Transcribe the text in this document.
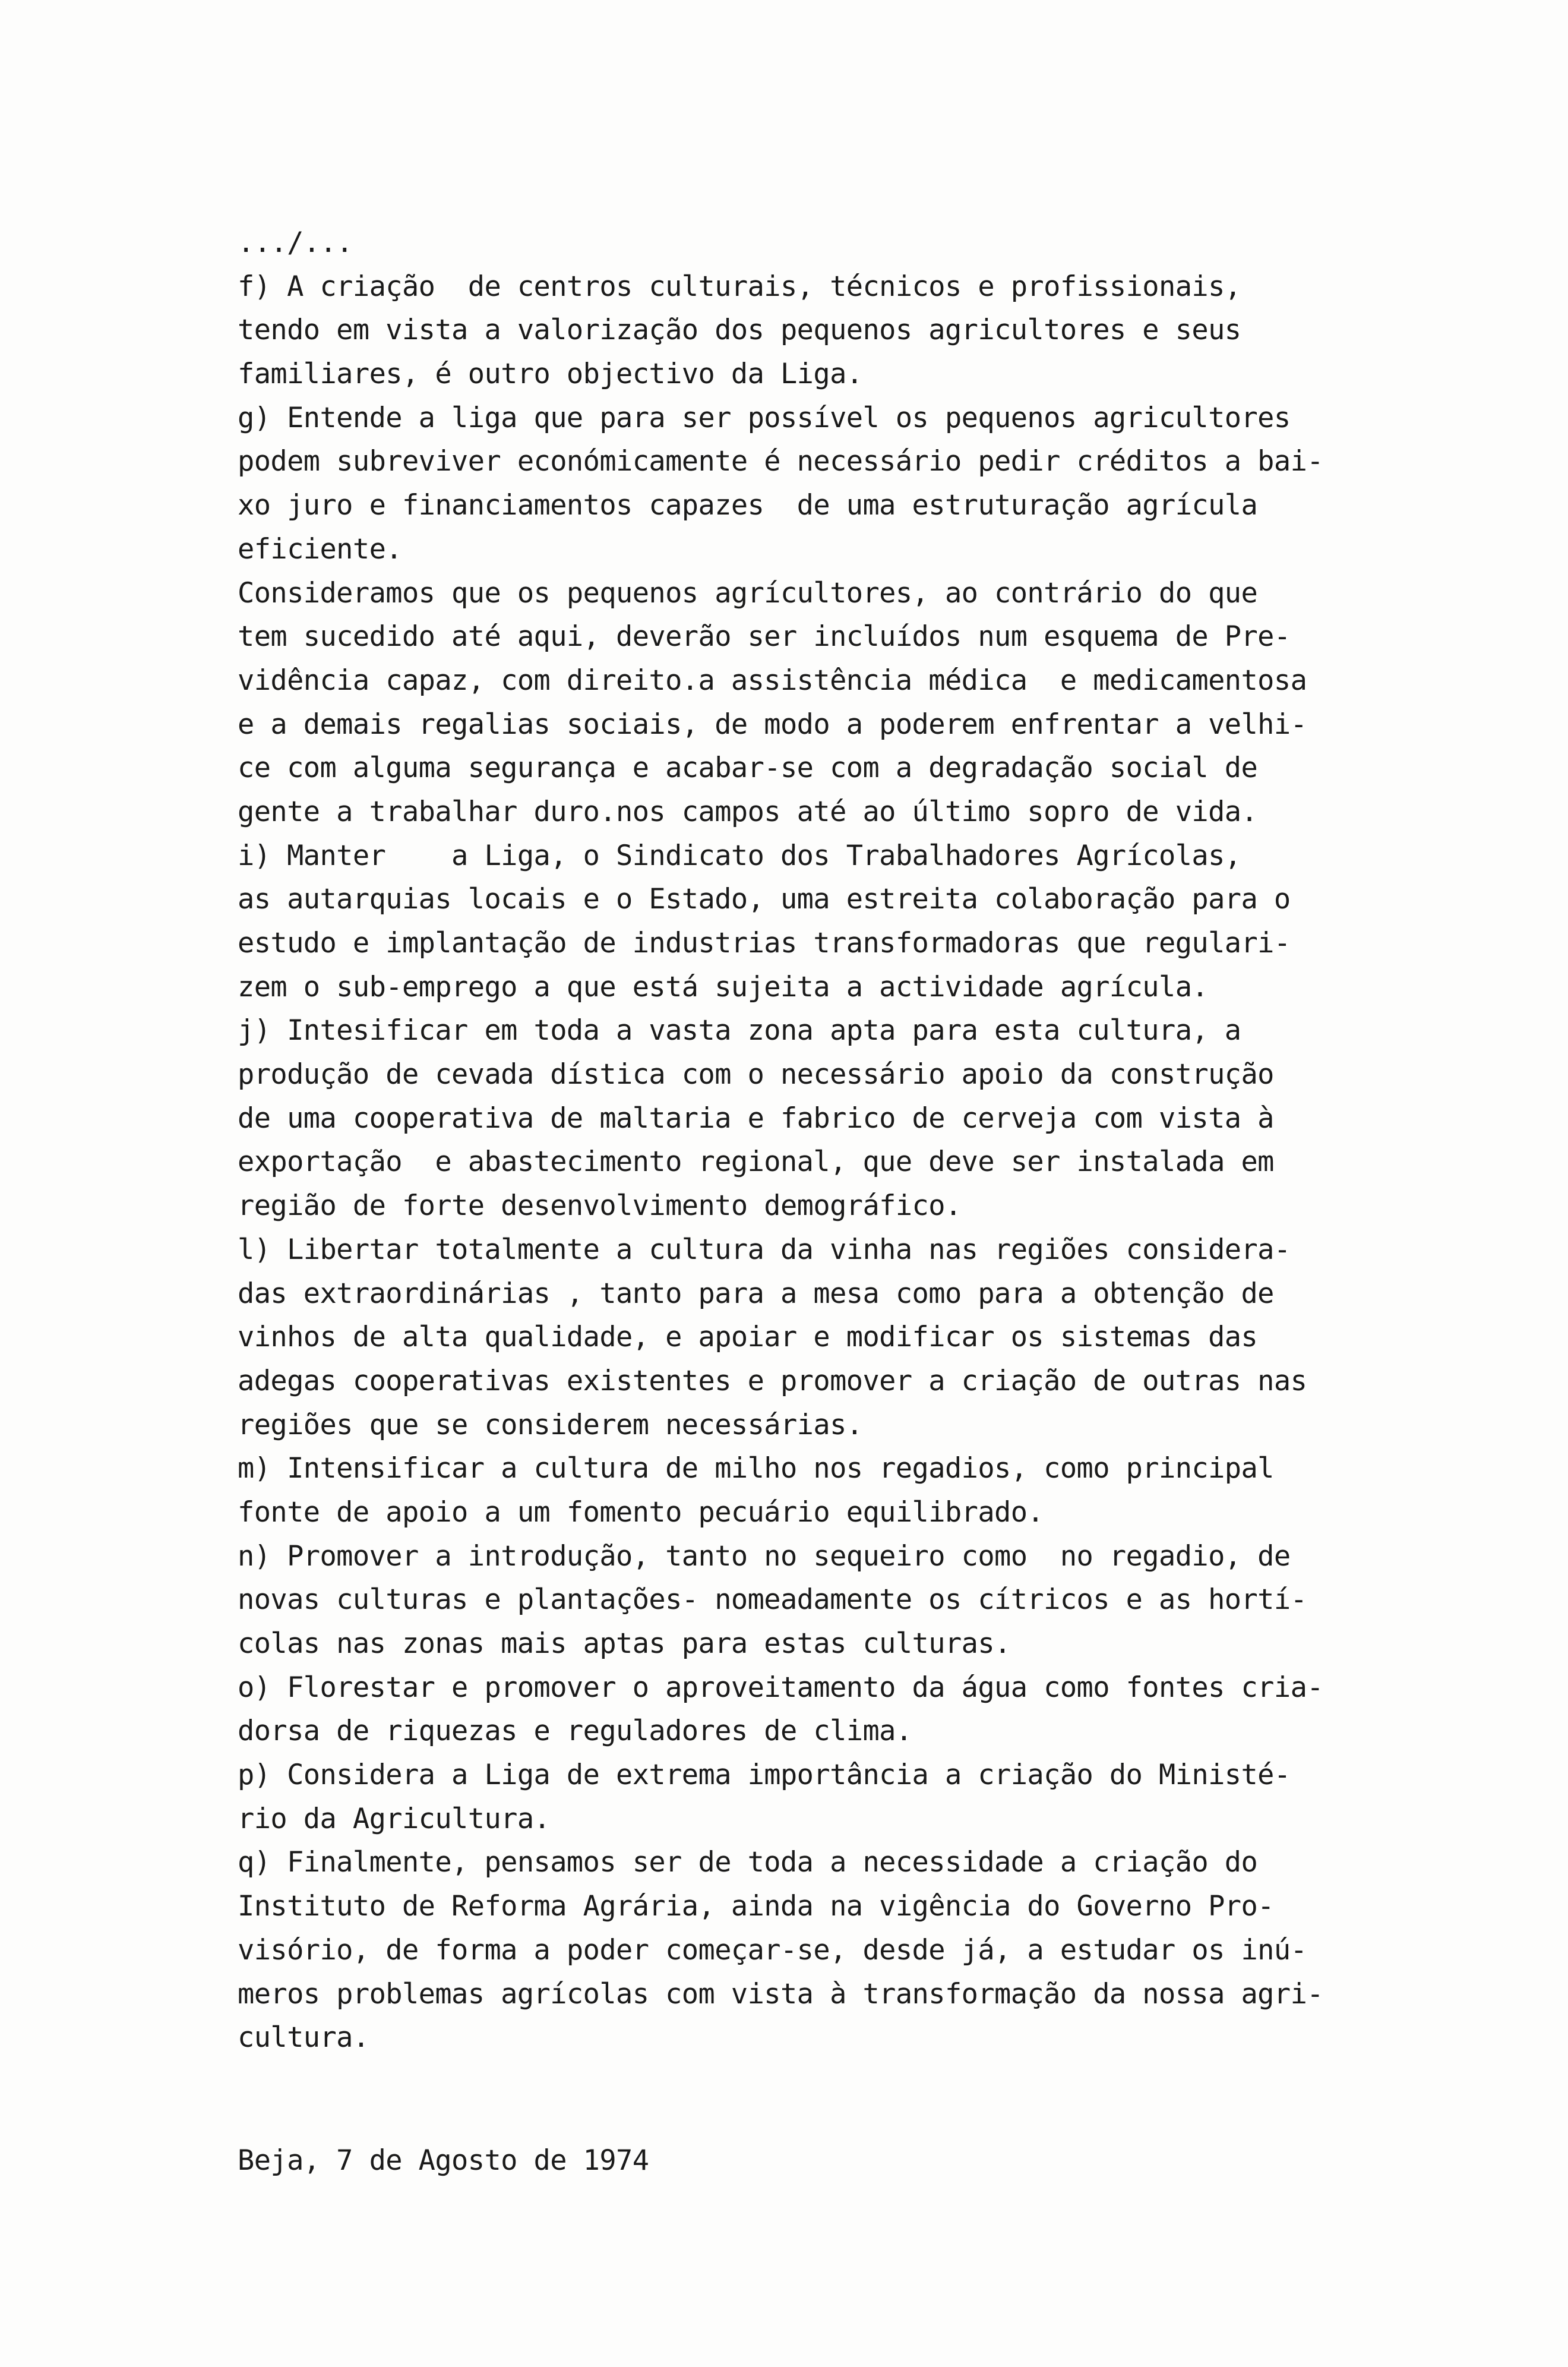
.../...
f) A criação  de centros culturais, técnicos e profissionais,
tendo em vista a valorização dos pequenos agricultores e seus
familiares, é outro objectivo da Liga.
g) Entende a liga que para ser possível os pequenos agricultores
podem subreviver económicamente é necessário pedir créditos a bai-
xo juro e financiamentos capazes  de uma estruturação agrícula
eficiente.
Consideramos que os pequenos agrícultores, ao contrário do que
tem sucedido até aqui, deverão ser incluídos num esquema de Pre-
vidência capaz, com direito.a assistência médica  e medicamentosa
e a demais regalias sociais, de modo a poderem enfrentar a velhi-
ce com alguma segurança e acabar-se com a degradação social de
gente a trabalhar duro.nos campos até ao último sopro de vida.
i) Manter    a Liga, o Sindicato dos Trabalhadores Agrícolas,
as autarquias locais e o Estado, uma estreita colaboração para o
estudo e implantação de industrias transformadoras que regulari-
zem o sub-emprego a que está sujeita a actividade agrícula.
j) Intesificar em toda a vasta zona apta para esta cultura, a
produção de cevada dística com o necessário apoio da construção
de uma cooperativa de maltaria e fabrico de cerveja com vista à
exportação  e abastecimento regional, que deve ser instalada em
região de forte desenvolvimento demográfico.
l) Libertar totalmente a cultura da vinha nas regiões considera-
das extraordinárias , tanto para a mesa como para a obtenção de
vinhos de alta qualidade, e apoiar e modificar os sistemas das
adegas cooperativas existentes e promover a criação de outras nas
regiões que se considerem necessárias.
m) Intensificar a cultura de milho nos regadios, como principal
fonte de apoio a um fomento pecuário equilibrado.
n) Promover a introdução, tanto no sequeiro como  no regadio, de
novas culturas e plantações- nomeadamente os cítricos e as hortí-
colas nas zonas mais aptas para estas culturas.
o) Florestar e promover o aproveitamento da água como fontes cria-
dorsa de riquezas e reguladores de clima.
p) Considera a Liga de extrema importância a criação do Ministé-
rio da Agricultura.
q) Finalmente, pensamos ser de toda a necessidade a criação do
Instituto de Reforma Agrária, ainda na vigência do Governo Pro-
visório, de forma a poder começar-se, desde já, a estudar os inú-
meros problemas agrícolas com vista à transformação da nossa agri-
cultura.
Beja, 7 de Agosto de 1974
